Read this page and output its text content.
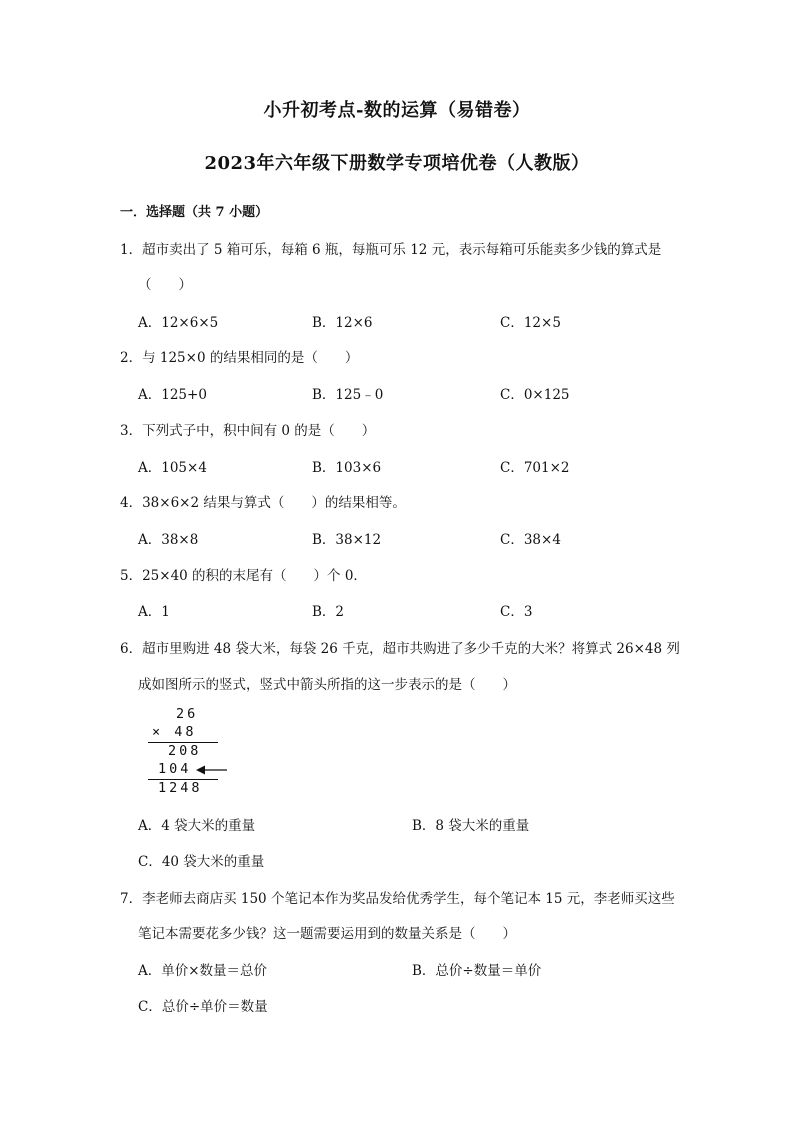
小升初考点-数的运算（易错卷）
2023年六年级下册数学专项培优卷（人教版）
一．选择题（共 7 小题）
1．超市卖出了 5 箱可乐，每箱 6 瓶，每瓶可乐 12 元，表示每箱可乐能卖多少钱的算式是
（　　）
A．12×6×5	B．12×6	C．12×5
2．与 125×0 的结果相同的是（　　）
A．125+0	B．125﹣0	C．0×125
3．下列式子中，积中间有 0 的是（　　）
A．105×4	B．103×6	C．701×2
4．38×6×2 结果与算式（　　）的结果相等。
A．38×8	B．38×12	C．38×4
5．25×40 的积的末尾有（　　）个 0．
A．1	B．2	C．3
6．超市里购进 48 袋大米，每袋 26 千克，超市共购进了多少千克的大米？将算式 26×48 列
成如图所示的竖式，竖式中箭头所指的这一步表示的是（　　）
26
× 48
208
104
1248
A．4 袋大米的重量	B．8 袋大米的重量
C．40 袋大米的重量
7．李老师去商店买 150 个笔记本作为奖品发给优秀学生，每个笔记本 15 元，李老师买这些
笔记本需要花多少钱？这一题需要运用到的数量关系是（　　）
A．单价×数量＝总价	B．总价÷数量＝单价
C．总价÷单价＝数量
